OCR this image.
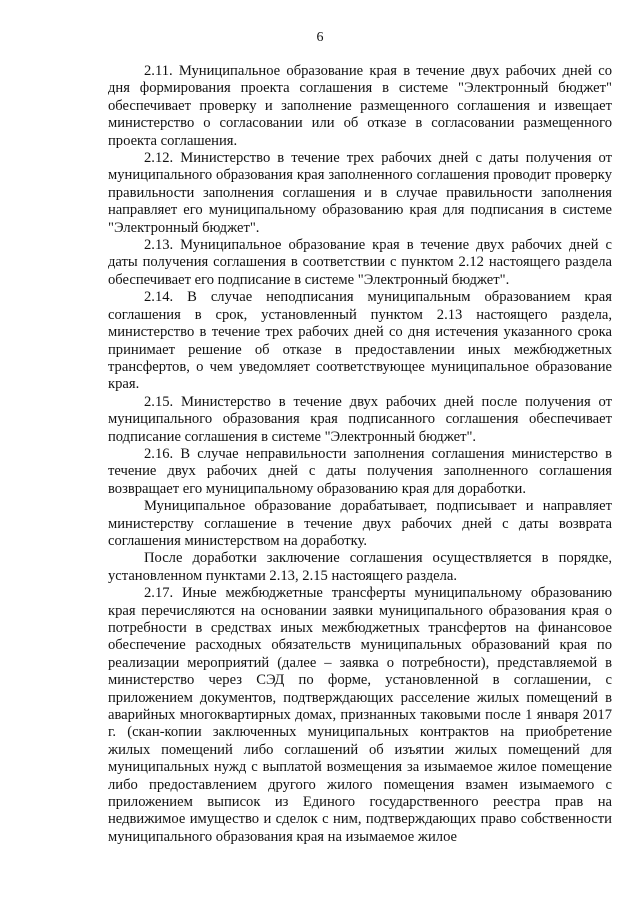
6

2.11. Муниципальное образование края в течение двух рабочих дней со дня формирования проекта соглашения в системе "Электронный бюджет" обеспечивает проверку и заполнение размещенного соглашения и извещает министерство о согласовании или об отказе в согласовании размещенного проекта соглашения.

2.12. Министерство в течение трех рабочих дней с даты получения от муниципального образования края заполненного соглашения проводит проверку правильности заполнения соглашения и в случае правильности заполнения направляет его муниципальному образованию края для подписания в системе "Электронный бюджет".

2.13. Муниципальное образование края в течение двух рабочих дней с даты получения соглашения в соответствии с пунктом 2.12 настоящего раздела обеспечивает его подписание в системе "Электронный бюджет".

2.14. В случае неподписания муниципальным образованием края соглашения в срок, установленный пунктом 2.13 настоящего раздела, министерство в течение трех рабочих дней со дня истечения указанного срока принимает решение об отказе в предоставлении иных межбюджетных трансфертов, о чем уведомляет соответствующее муниципальное образование края.

2.15. Министерство в течение двух рабочих дней после получения от муниципального образования края подписанного соглашения обеспечивает подписание соглашения в системе "Электронный бюджет".

2.16. В случае неправильности заполнения соглашения министерство в течение двух рабочих дней с даты получения заполненного соглашения возвращает его муниципальному образованию края для доработки.

Муниципальное образование дорабатывает, подписывает и направляет министерству соглашение в течение двух рабочих дней с даты возврата соглашения министерством на доработку.

После доработки заключение соглашения осуществляется в порядке, установленном пунктами 2.13, 2.15 настоящего раздела.

2.17. Иные межбюджетные трансферты муниципальному образованию края перечисляются на основании заявки муниципального образования края о потребности в средствах иных межбюджетных трансфертов на финансовое обеспечение расходных обязательств муниципальных образований края по реализации мероприятий (далее – заявка о потребности), представляемой в министерство через СЭД по форме, установленной в соглашении, с приложением документов, подтверждающих расселение жилых помещений в аварийных многоквартирных домах, признанных таковыми после 1 января 2017 г. (скан-копии заключенных муниципальных контрактов на приобретение жилых помещений либо соглашений об изъятии жилых помещений для муниципальных нужд с выплатой возмещения за изымаемое жилое помещение либо предоставлением другого жилого помещения взамен изымаемого с приложением выписок из Единого государственного реестра прав на недвижимое имущество и сделок с ним, подтверждающих право собственности муниципального образования края на изымаемое жилое
